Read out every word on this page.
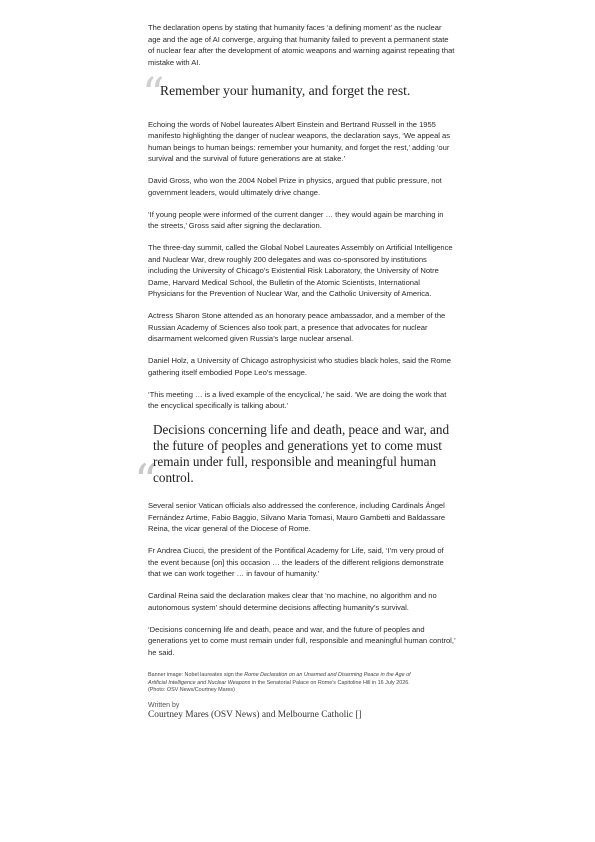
The declaration opens by stating that humanity faces ‘a defining moment’ as the nuclear age and the age of AI converge, arguing that humanity failed to prevent a permanent state of nuclear fear after the development of atomic weapons and warning against repeating that mistake with AI.

“
Remember your humanity, and forget the rest.

Echoing the words of Nobel laureates Albert Einstein and Bertrand Russell in the 1955 manifesto highlighting the danger of nuclear weapons, the declaration says, ‘We appeal as human beings to human beings: remember your humanity, and forget the rest,’ adding ‘our survival and the survival of future generations are at stake.’

David Gross, who won the 2004 Nobel Prize in physics, argued that public pressure, not government leaders, would ultimately drive change.

‘If young people were informed of the current danger … they would again be marching in the streets,’ Gross said after signing the declaration.

The three-day summit, called the Global Nobel Laureates Assembly on Artificial Intelligence and Nuclear War, drew roughly 200 delegates and was co-sponsored by institutions including the University of Chicago’s Existential Risk Laboratory, the University of Notre Dame, Harvard Medical School, the Bulletin of the Atomic Scientists, International Physicians for the Prevention of Nuclear War, and the Catholic University of America.

Actress Sharon Stone attended as an honorary peace ambassador, and a member of the Russian Academy of Sciences also took part, a presence that advocates for nuclear disarmament welcomed given Russia’s large nuclear arsenal.

Daniel Holz, a University of Chicago astrophysicist who studies black holes, said the Rome gathering itself embodied Pope Leo’s message.

‘This meeting … is a lived example of the encyclical,’ he said. ‘We are doing the work that the encyclical specifically is talking about.’

“
Decisions concerning life and death, peace and war, and the future of peoples and generations yet to come must remain under full, responsible and meaningful human control.

Several senior Vatican officials also addressed the conference, including Cardinals Ángel Fernández Artime, Fabio Baggio, Silvano Maria Tomasi, Mauro Gambetti and Baldassare Reina, the vicar general of the Diocese of Rome.

Fr Andrea Ciucci, the president of the Pontifical Academy for Life, said, ‘I’m very proud of the event because [on] this occasion … the leaders of the different religions demonstrate that we can work together … in favour of humanity.’

Cardinal Reina said the declaration makes clear that ‘no machine, no algorithm and no autonomous system’ should determine decisions affecting humanity’s survival.

‘Decisions concerning life and death, peace and war, and the future of peoples and generations yet to come must remain under full, responsible and meaningful human control,’ he said.

Banner image: Nobel laureates sign the Rome Declaration on an Unarmed and Disarming Peace in the Age of Artificial Intelligence and Nuclear Weapons in the Senatorial Palace on Rome’s Capitoline Hill in 16 July 2026. (Photo: OSV News/Courtney Mares)

Written by

Courtney Mares (OSV News) and Melbourne Catholic []
